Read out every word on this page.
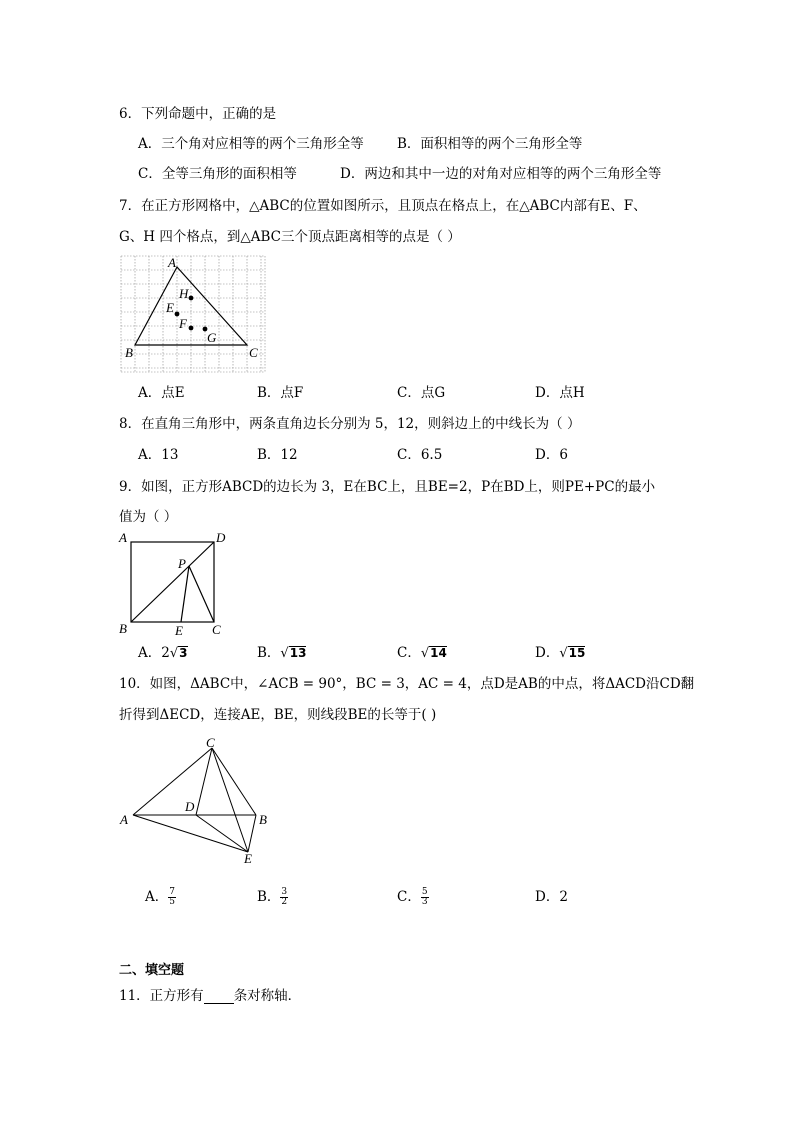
6．下列命题中，正确的是
A．三个角对应相等的两个三角形全等 B．面积相等的两个三角形全等
C．全等三角形的面积相等	D．两边和其中一边的对角对应相等的两个三角形全等
7．在正方形网格中，△ABC的位置如图所示，且顶点在格点上，在△ABC内部有E、F、
G、H 四个格点，到△ABC三个顶点距离相等的点是（ ）
A
H
E
F
G
B	C
A．点E	B．点F	C．点G	D．点H
8．在直角三角形中，两条直角边长分别为 5，12，则斜边上的中线长为（ ）
A．13	B．12	C．6.5	D．6
9．如图，正方形ABCD的边长为 3，E在BC上，且BE=2，P在BD上，则PE+PC的最小
值为（ ）
A	D
P
B	E C
A．2√3	B．√13	C．√14	D．√15
10．如图，ΔABC中，∠ACB = 90°，BC = 3，AC = 4，点D是AB的中点，将ΔACD沿CD翻
折得到ΔECD，连接AE，BE，则线段BE的长等于( )
C
D
A	B
E
A． $\frac{7}{5}$	B． $\frac{3}{2}$	C． $\frac{5}{3}$	D．2
二、填空题
11．正方形有 条对称轴．
